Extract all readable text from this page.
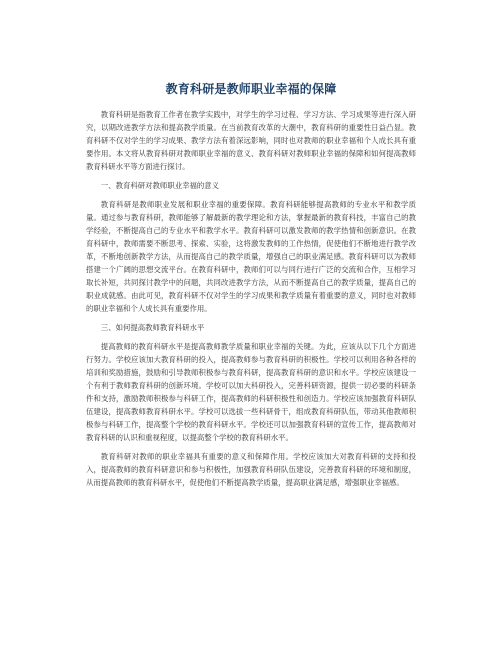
教育科研是教师职业幸福的保障

教育科研是指教育工作者在教学实践中，对学生的学习过程、学习方法、学习成果等进行深入研究，以期改进教学方法和提高教学质量。在当前教育改革的大潮中，教育科研的重要性日益凸显。教育科研不仅对学生的学习成果、教学方法有着深远影响，同时也对教师的职业幸福和个人成长具有重要作用。本文将从教育科研对教师职业幸福的意义、教育科研对教师职业幸福的保障和如何提高教师教育科研水平等方面进行探讨。

一、教育科研对教师职业幸福的意义

教育科研是教师职业发展和职业幸福的重要保障。教育科研能够提高教师的专业水平和教学质量。通过参与教育科研，教师能够了解最新的教学理论和方法，掌握最新的教育科技，丰富自己的教学经验，不断提高自己的专业水平和教学水平。教育科研可以激发教师的教学热情和创新意识。在教育科研中，教师需要不断思考、探索、实验，这将激发教师的工作热情，促使他们不断地进行教学改革，不断地创新教学方法，从而提高自己的教学质量，增强自己的职业满足感。教育科研可以为教师搭建一个广阔的思想交流平台。在教育科研中，教师们可以与同行进行广泛的交流和合作，互相学习取长补短，共同探讨教学中的问题，共同改进教学方法，从而不断提高自己的教学质量，提高自己的职业成就感。由此可见，教育科研不仅对学生的学习成果和教学质量有着重要的意义，同时也对教师的职业幸福和个人成长具有重要作用。

三、如何提高教师教育科研水平

提高教师的教育科研水平是提高教师教学质量和职业幸福的关键。为此，应该从以下几个方面进行努力。学校应该加大教育科研的投入，提高教师参与教育科研的积极性。学校可以利用各种各样的培训和奖励措施，鼓励和引导教师积极参与教育科研，提高教育科研的意识和水平。学校应该建设一个有利于教师教育科研的创新环境。学校可以加大科研投入，完善科研资源，提供一切必要的科研条件和支持，激励教师积极参与科研工作，提高教师的科研积极性和创造力。学校应该加强教育科研队伍建设，提高教师教育科研水平。学校可以选拔一些科研骨干，组成教育科研队伍，带动其他教师积极参与科研工作，提高整个学校的教育科研水平。学校还可以加强教育科研的宣传工作，提高教师对教育科研的认识和重视程度，以提高整个学校的教育科研水平。

教育科研对教师的职业幸福具有重要的意义和保障作用。学校应该加大对教育科研的支持和投入，提高教师的教育科研意识和参与积极性，加强教育科研队伍建设，完善教育科研的环境和制度，从而提高教师的教育科研水平，促使他们不断提高教学质量，提高职业满足感，增强职业幸福感。
